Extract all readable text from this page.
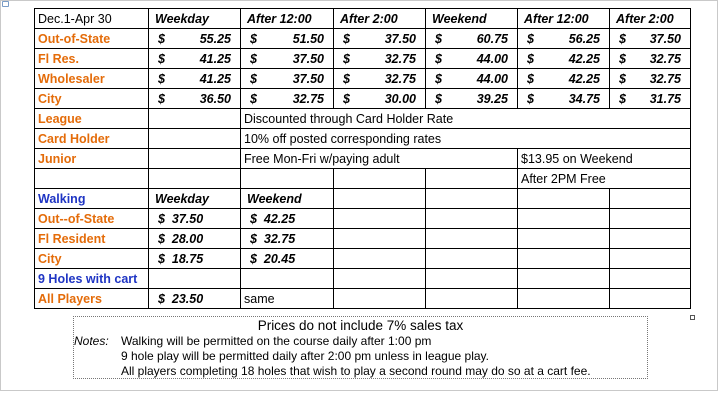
Dec.1-Apr 30	Weekday	After 12:00	After 2:00	Weekend	After 12:00	After 2:00
Out-of-State	$ 55.25	$ 51.50	$ 37.50	$ 60.75	$ 56.25	$ 37.50

Fl Res.	$ 41.25	$ 37.50	$ 32.75	$ 44.00	$ 42.25	$ 32.75

Wholesaler	$ 41.25	$ 37.50	$ 32.75	$ 44.00	$ 42.25	$ 32.75

City	$ 36.50	$ 32.75	$ 30.00	$ 39.25	$ 34.75	$ 31.75

League		Discounted through Card Holder Rate				
Card Holder		10% off posted corresponding rates				
Junior		Free Mon-Fri w/paying adult			$13.95 on Weekend	
					After 2PM Free	
Walking	Weekday	Weekend				
Out--of-State	$ 37.50	$ 42.25				

Fl Resident	$ 28.00	$ 32.75				

City	$ 18.75	$ 20.45				

9 Holes with cart						
All Players	$ 23.50	same				
Prices do not include 7% sales tax
Notes: Walking will be permitted on the course daily after 1:00 pm
9 hole play will be permitted daily after 2:00 pm unless in league play.
All players completing 18 holes that wish to play a second round may do so at a cart fee.
